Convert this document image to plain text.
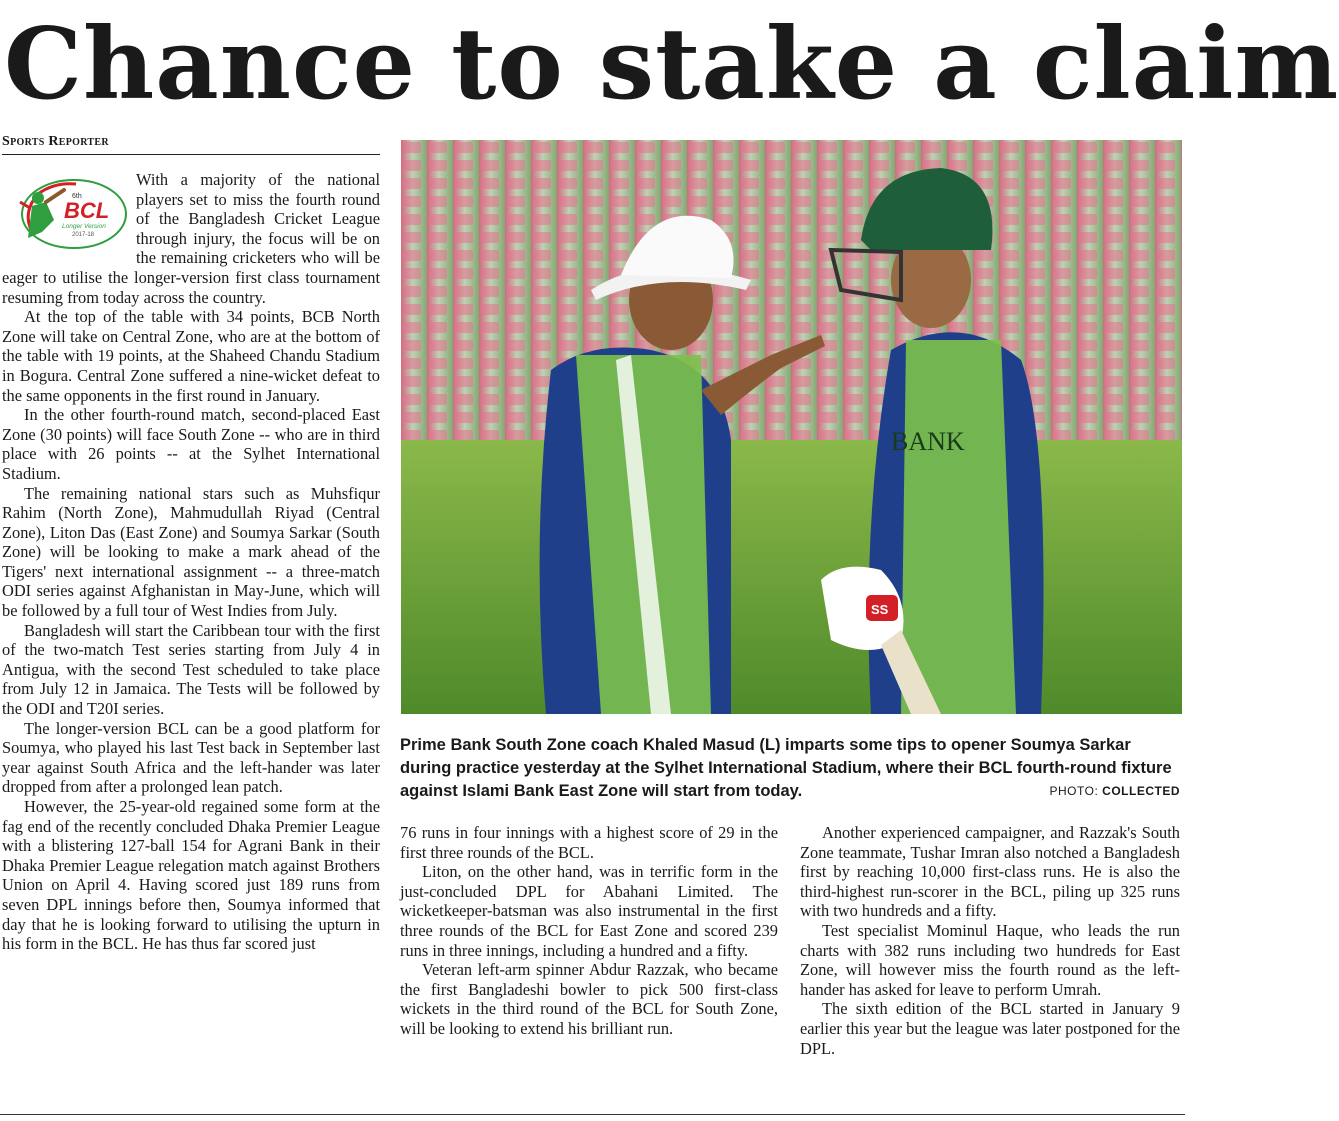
Chance to stake a claim
Sports Reporter
6th
BCL
Longer Version
2017-18

With a majority of the national players set to miss the fourth round of the Bangladesh Cricket League through injury, the focus will be on the remaining cricketers who will be eager to utilise the longer-version first class tournament resuming from today across the country.

At the top of the table with 34 points, BCB North Zone will take on Central Zone, who are at the bottom of the table with 19 points, at the Shaheed Chandu Stadium in Bogura. Central Zone suffered a nine-wicket defeat to the same opponents in the first round in January.

In the other fourth-round match, second-placed East Zone (30 points) will face South Zone -- who are in third place with 26 points -- at the Sylhet International Stadium.

The remaining national stars such as Muhsfiqur Rahim (North Zone), Mahmudullah Riyad (Central Zone), Liton Das (East Zone) and Soumya Sarkar (South Zone) will be looking to make a mark ahead of the Tigers' next international assignment -- a three-match ODI series against Afghanistan in May-June, which will be followed by a full tour of West Indies from July.

Bangladesh will start the Caribbean tour with the first of the two-match Test series starting from July 4 in Antigua, with the second Test scheduled to take place from July 12 in Jamaica. The Tests will be followed by the ODI and T20I series.

The longer-version BCL can be a good platform for Soumya, who played his last Test back in September last year against South Africa and the left-hander was later dropped from after a prolonged lean patch.

However, the 25-year-old regained some form at the fag end of the recently concluded Dhaka Premier League with a blistering 127-ball 154 for Agrani Bank in their Dhaka Premier League relegation match against Brothers Union on April 4. Having scored just 189 runs from seven DPL innings before then, Soumya informed that day that he is looking forward to utilising the upturn in his form in the BCL. He has thus far scored just

BANK
SS
Prime Bank South Zone coach Khaled Masud (L) imparts some tips to opener Soumya Sarkar during practice yesterday at the Sylhet International Stadium, where their BCL fourth-round fixture against Islami Bank East Zone will start from today.	PHOTO: COLLECTED

76 runs in four innings with a highest score of 29 in the first three rounds of the BCL.

Liton, on the other hand, was in terrific form in the just-concluded DPL for Abahani Limited. The wicketkeeper-batsman was also instrumental in the first three rounds of the BCL for East Zone and scored 239 runs in three innings, including a hundred and a fifty.

Veteran left-arm spinner Abdur Razzak, who became the first Bangladeshi bowler to pick 500 first-class wickets in the third round of the BCL for South Zone, will be looking to extend his brilliant run.

Another experienced campaigner, and Razzak's South Zone teammate, Tushar Imran also notched a Bangladesh first by reaching 10,000 first-class runs. He is also the third-highest run-scorer in the BCL, piling up 325 runs with two hundreds and a fifty.

Test specialist Mominul Haque, who leads the run charts with 382 runs including two hundreds for East Zone, will however miss the fourth round as the left-hander has asked for leave to perform Umrah.

The sixth edition of the BCL started in January 9 earlier this year but the league was later postponed for the DPL.
